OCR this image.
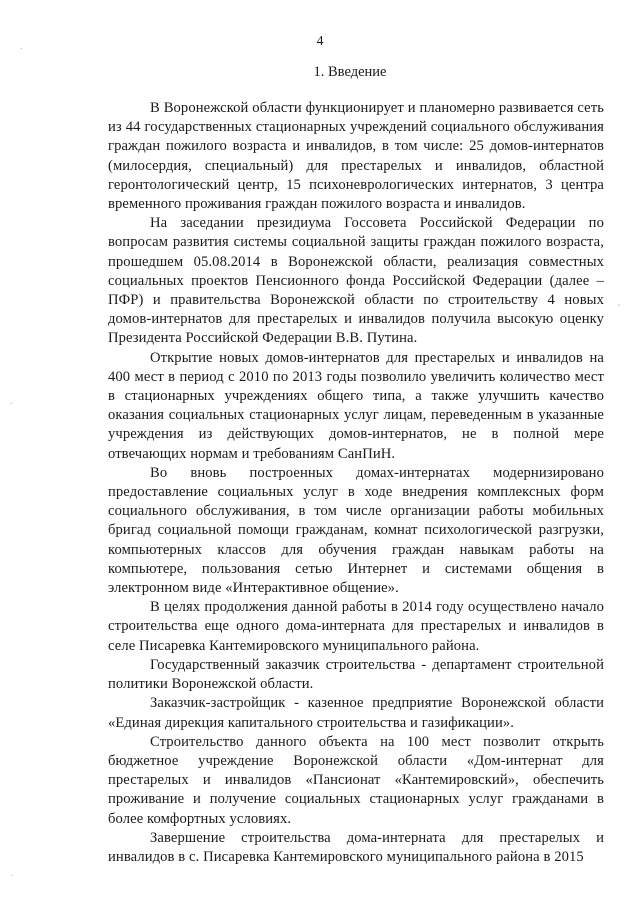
4
1. Введение

В Воронежской области функционирует и планомерно развивается сеть из 44 государственных стационарных учреждений социального обслуживания граждан пожилого возраста и инвалидов, в том числе: 25 домов-интернатов (милосердия, специальный) для престарелых и инвалидов, областной геронтологический центр, 15 психоневрологических интернатов, 3 центра временного проживания граждан пожилого возраста и инвалидов.

На заседании президиума Госсовета Российской Федерации по вопросам развития системы социальной защиты граждан пожилого возраста, прошедшем 05.08.2014 в Воронежской области, реализация совместных социальных проектов Пенсионного фонда Российской Федерации (далее – ПФР) и правительства Воронежской области по строительству 4 новых домов-интернатов для престарелых и инвалидов получила высокую оценку Президента Российской Федерации В.В. Путина.

Открытие новых домов-интернатов для престарелых и инвалидов на 400 мест в период с 2010 по 2013 годы позволило увеличить количество мест в стационарных учреждениях общего типа, а также улучшить качество оказания социальных стационарных услуг лицам, переведенным в указанные учреждения из действующих домов-интернатов, не в полной мере отвечающих нормам и требованиям СанПиН.

Во вновь построенных домах-интернатах модернизировано предоставление социальных услуг в ходе внедрения комплексных форм социального обслуживания, в том числе организации работы мобильных бригад социальной помощи гражданам, комнат психологической разгрузки, компьютерных классов для обучения граждан навыкам работы на компьютере, пользования сетью Интернет и системами общения в электронном виде «Интерактивное общение».

В целях продолжения данной работы в 2014 году осуществлено начало строительства еще одного дома-интерната для престарелых и инвалидов в селе Писаревка Кантемировского муниципального района.

Государственный заказчик строительства - департамент строительной политики Воронежской области.

Заказчик-застройщик - казенное предприятие Воронежской области «Единая дирекция капитального строительства и газификации».

Строительство данного объекта на 100 мест позволит открыть бюджетное учреждение Воронежской области «Дом-интернат для престарелых и инвалидов «Пансионат «Кантемировский», обеспечить проживание и получение социальных стационарных услуг гражданами в более комфортных условиях.

Завершение строительства дома-интерната для престарелых и инвалидов в с. Писаревка Кантемировского муниципального района в 2015

.
'
.
·
